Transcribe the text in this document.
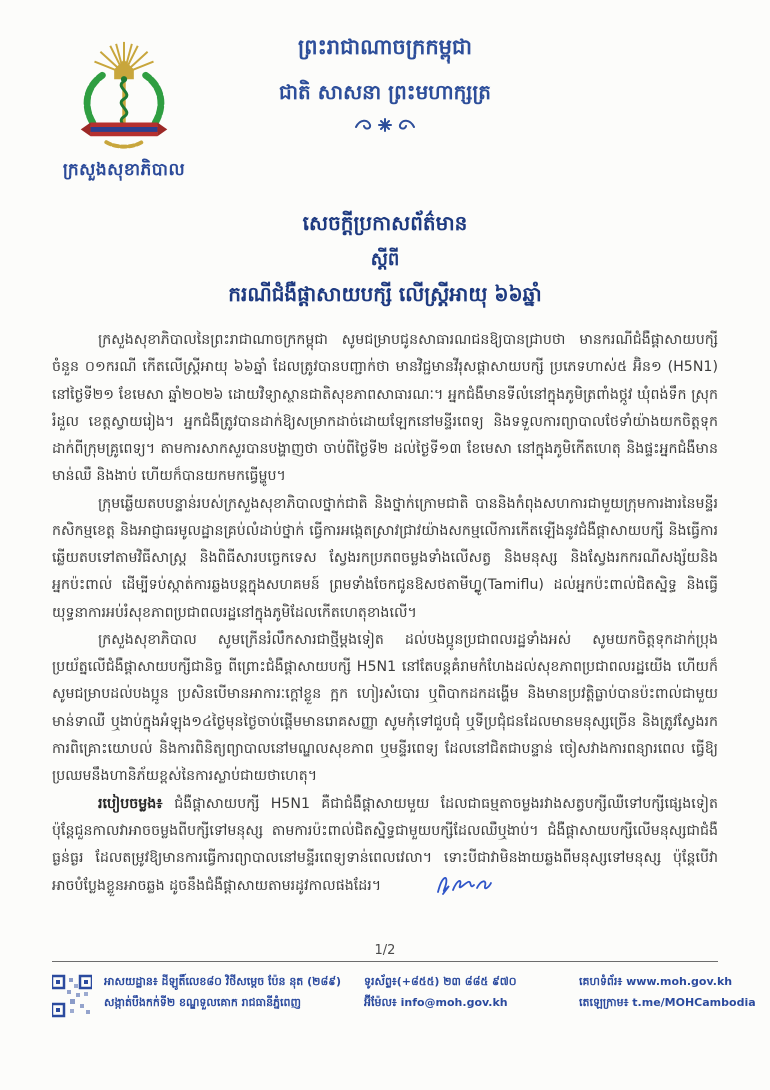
ក្រសួងសុខាភិបាល
ព្រះរាជាណាចក្រកម្ពុជា
ជាតិ សាសនា ព្រះមហាក្សត្រ
សេចក្តីប្រកាសព័ត៌មាន
ស្តីពី
ករណីជំងឺផ្តាសាយបក្សី លើស្ត្រីអាយុ ៦៦ឆ្នាំ

ក្រសួងសុខាភិបាលនៃព្រះរាជាណាចក្រកម្ពុជា សូមជម្រាបជូនសាធារណជនឱ្យបានជ្រាបថា មានករណីជំងឺផ្តាសាយបក្សី ចំនួន ០១ករណី កើតលើស្ត្រីអាយុ ៦៦ឆ្នាំ ដែលត្រូវបានបញ្ជាក់ថា មានវិជ្ជមានវីរុសផ្តាសាយបក្សី ប្រភេទហាស់៥ អ៊ិន១ (H5N1) នៅថ្ងៃទី២១ ខែមេសា ឆ្នាំ២០២៦ ដោយវិទ្យាស្ថានជាតិសុខភាពសាធារណៈ។ អ្នកជំងឺមានទីលំនៅក្នុងភូមិត្រពាំងថ្កូវ ឃុំពង់ទឹក ស្រុករំដួល ខេត្តស្វាយរៀង។ អ្នកជំងឺត្រូវបានដាក់ឱ្យសម្រាកដាច់ដោយឡែកនៅមន្ទីរពេទ្យ និងទទួលការព្យាបាលថែទាំយ៉ាងយកចិត្តទុកដាក់ពីក្រុមគ្រូពេទ្យ។ តាមការសាកសួរបានបង្ហាញថា ចាប់ពីថ្ងៃទី២ ដល់ថ្ងៃទី១៣ ខែមេសា នៅក្នុងភូមិកើតហេតុ និងផ្ទះអ្នកជំងឺមានមាន់ឈឺ និងងាប់ ហើយក៏បានយកមកធ្វើម្ហូប។

ក្រុមឆ្លើយតបបន្ទាន់របស់ក្រសួងសុខាភិបាលថ្នាក់ជាតិ និងថ្នាក់ក្រោមជាតិ បាននិងកំពុងសហការជាមួយក្រុមការងារនៃមន្ទីរកសិកម្មខេត្ត និងអាជ្ញាធរមូលដ្ឋានគ្រប់លំដាប់ថ្នាក់ ធ្វើការអង្កេតស្រាវជ្រាវយ៉ាងសកម្មលើការកើតឡើងនូវជំងឺផ្តាសាយបក្សី និងធ្វើការឆ្លើយតបទៅតាមវិធីសាស្ត្រ និងពិធីសារបច្ចេកទេស ស្វែងរកប្រភពចម្លងទាំងលើសត្វ និងមនុស្ស និងស្វែងរកករណីសង្ស័យនិងអ្នកប៉ះពាល់ ដើម្បីទប់ស្កាត់ការឆ្លងបន្តក្នុងសហគមន៍ ព្រមទាំងចែកជូនឱសថតាមីហ្វ្លូ(Tamiflu) ដល់អ្នកប៉ះពាល់ជិតស្និទ្ធ និងធ្វើយុទ្ធនាការអប់រំសុខភាពប្រជាពលរដ្ឋនៅក្នុងភូមិដែលកើតហេតុខាងលើ។

ក្រសួងសុខាភិបាល សូមក្រើនរំលឹកសារជាថ្មីម្តងទៀត ដល់បងប្អូនប្រជាពលរដ្ឋទាំងអស់ សូមយកចិត្តទុកដាក់ប្រុងប្រយ័ត្នលើជំងឺផ្តាសាយបក្សីជានិច្ច ពីព្រោះជំងឺផ្តាសាយបក្សី H5N1 នៅតែបន្តគំរាមកំហែងដល់សុខភាពប្រជាពលរដ្ឋយើង ហើយក៏សូមជម្រាបដល់បងប្អូន ប្រសិនបើមានអាការៈក្តៅខ្លួន ក្អក ហៀរសំបោរ ឬពិបាកដកដង្ហើម និងមានប្រវត្តិធ្លាប់បានប៉ះពាល់ជាមួយមាន់ទាឈឺ ឬងាប់ក្នុងអំឡុង១៤ថ្ងៃមុនថ្ងៃចាប់ផ្តើមមានរោគសញ្ញា សូមកុំទៅជួបជុំ ឬទីប្រជុំជនដែលមានមនុស្សច្រើន និងត្រូវស្វែងរកការពិគ្រោះយោបល់ និងការពិនិត្យព្យាបាលនៅមណ្ឌលសុខភាព ឬមន្ទីរពេទ្យ ដែលនៅជិតជាបន្ទាន់ ចៀសវាងការពន្យារពេល ធ្វើឱ្យប្រឈមនឹងហានិភ័យខ្ពស់នៃការស្លាប់ជាយថាហេតុ។

របៀបចម្លង៖ ជំងឺផ្តាសាយបក្សី H5N1 គឺជាជំងឺផ្តាសាយមួយ ដែលជាធម្មតាចម្លងរវាងសត្វបក្សីឈឺទៅបក្សីផ្សេងទៀត ប៉ុន្តែជួនកាលវាអាចចម្លងពីបក្សីទៅមនុស្ស តាមការប៉ះពាល់ជិតស្និទ្ធជាមួយបក្សីដែលឈឺឬងាប់។ ជំងឺផ្តាសាយបក្សីលើមនុស្សជាជំងឺធ្ងន់ធ្ងរ ដែលតម្រូវឱ្យមានការធ្វើការព្យាបាលនៅមន្ទីរពេទ្យទាន់ពេលវេលា។ ទោះបីជាវាមិនងាយឆ្លងពីមនុស្សទៅមនុស្ស ប៉ុន្តែបើវាអាចបំប្លែងខ្លួនអាចឆ្លង ដូចនឹងជំងឺផ្តាសាយតាមរដូវកាលផងដែរ។

1/2
អាសយដ្ឋាន៖ ដីឡូតិ៍លេខ៨០ វិថីសម្តេច ប៉ែន នុត (២៨៩)
សង្កាត់បឹងកក់ទី២ ខណ្ឌទួលគោក រាជធានីភ្នំពេញ
ទូរស័ព្ទ៖(+៨៥៥) ២៣ ៨៨៥ ៩៧០
អ៊ីម៉ែល៖ info@moh.gov.kh
គេហទំព័រ៖ www.moh.gov.kh
តេឡេក្រាម៖ t.me/MOHCambodia
